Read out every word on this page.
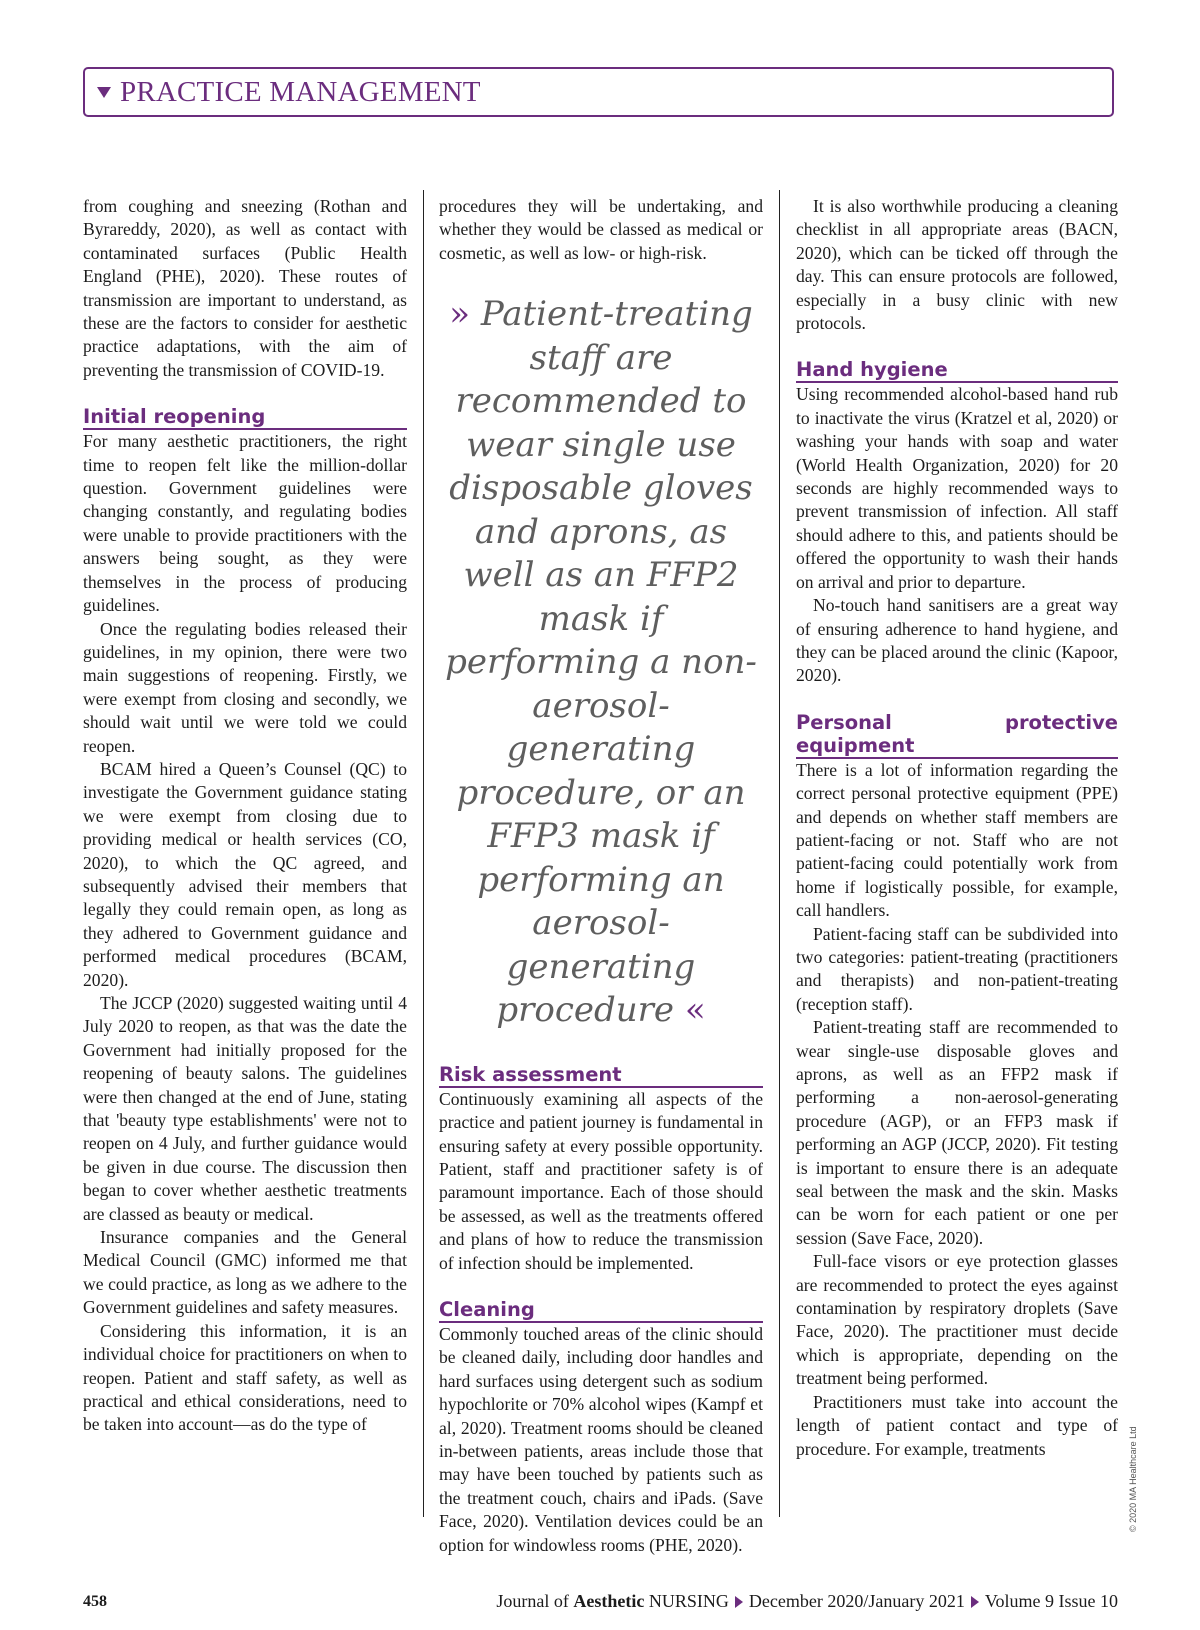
PRACTICE MANAGEMENT

from coughing and sneezing (Rothan and Byrareddy, 2020), as well as contact with contaminated surfaces (Public Health England (PHE), 2020). These routes of transmission are important to understand, as these are the factors to consider for aesthetic practice adaptations, with the aim of preventing the transmission of COVID-19.

Initial reopening

For many aesthetic practitioners, the right time to reopen felt like the million-dollar question. Government guidelines were changing constantly, and regulating bodies were unable to provide practitioners with the answers being sought, as they were themselves in the process of producing guidelines.

Once the regulating bodies released their guidelines, in my opinion, there were two main suggestions of reopening. Firstly, we were exempt from closing and secondly, we should wait until we were told we could reopen.

BCAM hired a Queen’s Counsel (QC) to investigate the Government guidance stating we were exempt from closing due to providing medical or health services (CO, 2020), to which the QC agreed, and subsequently advised their members that legally they could remain open, as long as they adhered to Government guidance and performed medical procedures (BCAM, 2020).

The JCCP (2020) suggested waiting until 4 July 2020 to reopen, as that was the date the Government had initially proposed for the reopening of beauty salons. The guidelines were then changed at the end of June, stating that 'beauty type establishments' were not to reopen on 4 July, and further guidance would be given in due course. The discussion then began to cover whether aesthetic treatments are classed as beauty or medical.

Insurance companies and the General Medical Council (GMC) informed me that we could practice, as long as we adhere to the Government guidelines and safety measures.

Considering this information, it is an individual choice for practitioners on when to reopen. Patient and staff safety, as well as practical and ethical considerations, need to be taken into account—as do the type of

procedures they will be undertaking, and whether they would be classed as medical or cosmetic, as well as low- or high-risk.

» Patient-treating staff are recommended to wear single use disposable gloves and aprons, as well as an FFP2 mask if performing a non-aerosol-generating procedure, or an FFP3 mask if performing an aerosol-generating procedure «
Risk assessment

Continuously examining all aspects of the practice and patient journey is fundamental in ensuring safety at every possible opportunity. Patient, staff and practitioner safety is of paramount importance. Each of those should be assessed, as well as the treatments offered and plans of how to reduce the transmission of infection should be implemented.

Cleaning

Commonly touched areas of the clinic should be cleaned daily, including door handles and hard surfaces using detergent such as sodium hypochlorite or 70% alcohol wipes (Kampf et al, 2020). Treatment rooms should be cleaned in-between patients, areas include those that may have been touched by patients such as the treatment couch, chairs and iPads. (Save Face, 2020). Ventilation devices could be an option for windowless rooms (PHE, 2020).

It is also worthwhile producing a cleaning checklist in all appropriate areas (BACN, 2020), which can be ticked off through the day. This can ensure protocols are followed, especially in a busy clinic with new protocols.

Hand hygiene

Using recommended alcohol-based hand rub to inactivate the virus (Kratzel et al, 2020) or washing your hands with soap and water (World Health Organization, 2020) for 20 seconds are highly recommended ways to prevent transmission of infection. All staff should adhere to this, and patients should be offered the opportunity to wash their hands on arrival and prior to departure.

No-touch hand sanitisers are a great way of ensuring adherence to hand hygiene, and they can be placed around the clinic (Kapoor, 2020).

Personal protective equipment

There is a lot of information regarding the correct personal protective equipment (PPE) and depends on whether staff members are patient-facing or not. Staff who are not patient-facing could potentially work from home if logistically possible, for example, call handlers.

Patient-facing staff can be subdivided into two categories: patient-treating (practitioners and therapists) and non-patient-treating (reception staff).

Patient-treating staff are recommended to wear single-use disposable gloves and aprons, as well as an FFP2 mask if performing a non-aerosol-generating procedure (AGP), or an FFP3 mask if performing an AGP (JCCP, 2020). Fit testing is important to ensure there is an adequate seal between the mask and the skin. Masks can be worn for each patient or one per session (Save Face, 2020).

Full-face visors or eye protection glasses are recommended to protect the eyes against contamination by respiratory droplets (Save Face, 2020). The practitioner must decide which is appropriate, depending on the treatment being performed.

Practitioners must take into account the length of patient contact and type of procedure. For example, treatments	© 2020 MA Healthcare Ltd
458	Journal of Aesthetic NURSING December 2020/January 2021 Volume 9 Issue 10
